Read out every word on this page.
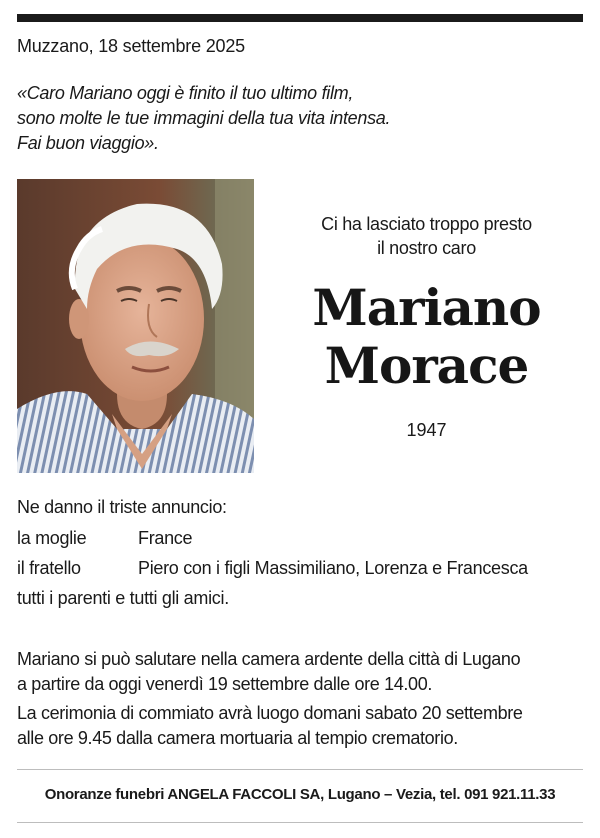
Muzzano, 18 settembre 2025
«Caro Mariano oggi è finito il tuo ultimo film,
sono molte le tue immagini della tua vita intensa.
Fai buon viaggio».
Ci ha lasciato troppo presto
il nostro caro
Mariano
Morace
1947
Ne danno il triste annuncio:
la moglie	France
il fratello	Piero con i figli Massimiliano, Lorenza e Francesca
tutti i parenti e tutti gli amici.
Mariano si può salutare nella camera ardente della città di Lugano
a partire da oggi venerdì 19 settembre dalle ore 14.00.
La cerimonia di commiato avrà luogo domani sabato 20 settembre
alle ore 9.45 dalla camera mortuaria al tempio crematorio.
Onoranze funebri ANGELA FACCOLI SA, Lugano – Vezia, tel. 091 921.11.33
